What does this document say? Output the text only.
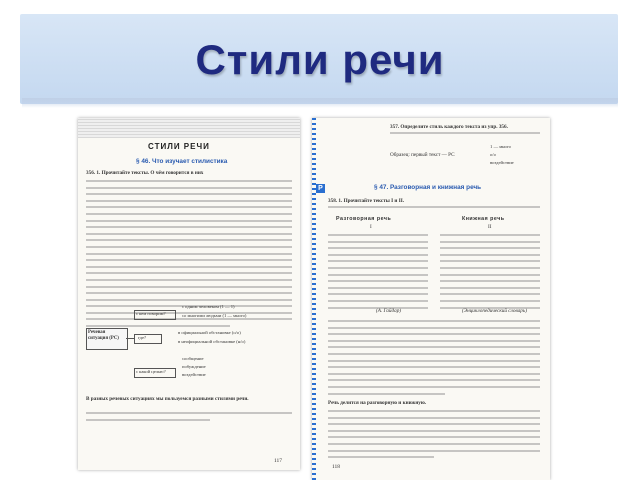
Стили речи
СТИЛИ РЕЧИ
§ 46. Что изучает стилистика
356. 1. Прочитайте тексты. О чём говорится в них
Речевая ситуация (РС)
с кем говорим?
где?
с какой целью?
с одним человеком (1 — 1)
со многими людьми (1 — много)
в официальной обстановке (о/о)
в неофициальной обстановке (н/о)
сообщение
побуждение
воздействие
В разных речевых ситуациях мы пользуемся разными стилями речи.
117
357. Определите стиль каждого текста из упр. 356.
Образец: первый текст — РС
1 — много
о/о
воздействие
Р	§ 47. Разговорная и книжная речь
358. 1. Прочитайте тексты I и II.
Разговорная речь	Книжная речь
I	II
(А. Гайдар)	(Энциклопедический словарь)
Речь делится на разговорную и книжную.
118
